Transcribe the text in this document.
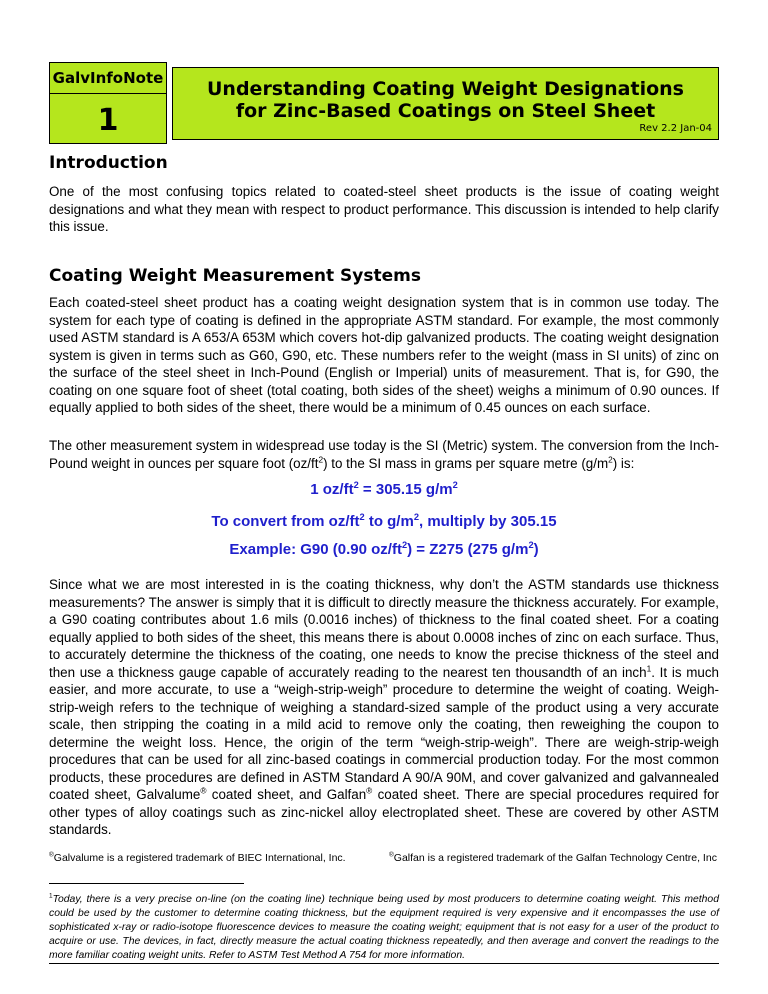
GalvInfoNote
1
Understanding Coating Weight Designations
for Zinc-Based Coatings on Steel Sheet
Rev 2.2 Jan-04
Introduction

One of the most confusing topics related to coated-steel sheet products is the issue of coating weight designations and what they mean with respect to product performance. This discussion is intended to help clarify this issue.

Coating Weight Measurement Systems

Each coated-steel sheet product has a coating weight designation system that is in common use today. The system for each type of coating is defined in the appropriate ASTM standard. For example, the most commonly used ASTM standard is A 653/A 653M which covers hot-dip galvanized products. The coating weight designation system is given in terms such as G60, G90, etc. These numbers refer to the weight (mass in SI units) of zinc on the surface of the steel sheet in Inch-Pound (English or Imperial) units of measurement. That is, for G90, the coating on one square foot of sheet (total coating, both sides of the sheet) weighs a minimum of 0.90 ounces. If equally applied to both sides of the sheet, there would be a minimum of 0.45 ounces on each surface.

The other measurement system in widespread use today is the SI (Metric) system. The conversion from the Inch-Pound weight in ounces per square foot $(oz/ft^2)$ to the SI mass in grams per square metre $(g/m^2)$ is:

1 $oz/ft^2 = 305.15$ $g/m^2$
To convert from $oz/ft^2$ to $g/m^2$, multiply by 305.15
Example: G90 (0.90 $oz/ft^2) = Z275$ (275 $g/m^2$)

Since what we are most interested in is the coating thickness, why don’t the ASTM standards use thickness measurements? The answer is simply that it is difficult to directly measure the thickness accurately. For example, a G90 coating contributes about 1.6 mils (0.0016 inches) of thickness to the final coated sheet. For a coating equally applied to both sides of the sheet, this means there is about 0.0008 inches of zinc on each surface. Thus, to accurately determine the thickness of the coating, one needs to know the precise thickness of the steel and then use a thickness gauge capable of accurately reading to the nearest ten thousandth of an inch$^1$. It is much easier, and more accurate, to use a “weigh-strip-weigh” procedure to determine the weight of coating. Weigh-strip-weigh refers to the technique of weighing a standard-sized sample of the product using a very accurate scale, then stripping the coating in a mild acid to remove only the coating, then reweighing the coupon to determine the weight loss. Hence, the origin of the term “weigh-strip-weigh”. There are weigh-strip-weigh procedures that can be used for all zinc-based coatings in commercial production today. For the most common products, these procedures are defined in ASTM Standard A 90/A 90M, and cover galvanized and galvannealed coated sheet, Galvalume® coated sheet, and Galfan® coated sheet. There are special procedures required for other types of alloy coatings such as zinc-nickel alloy electroplated sheet. These are covered by other ASTM standards.

®Galvalume is a registered trademark of BIEC International, Inc.	®Galfan is a registered trademark of the Galfan Technology Centre, Inc

$^1$Today, there is a very precise on-line (on the coating line) technique being used by most producers to determine coating weight. This method could be used by the customer to determine coating thickness, but the equipment required is very expensive and it encompasses the use of sophisticated x-ray or radio-isotope fluorescence devices to measure the coating weight; equipment that is not easy for a user of the product to acquire or use. The devices, in fact, directly measure the actual coating thickness repeatedly, and then average and convert the readings to the more familiar coating weight units. Refer to ASTM Test Method A 754 for more information.
